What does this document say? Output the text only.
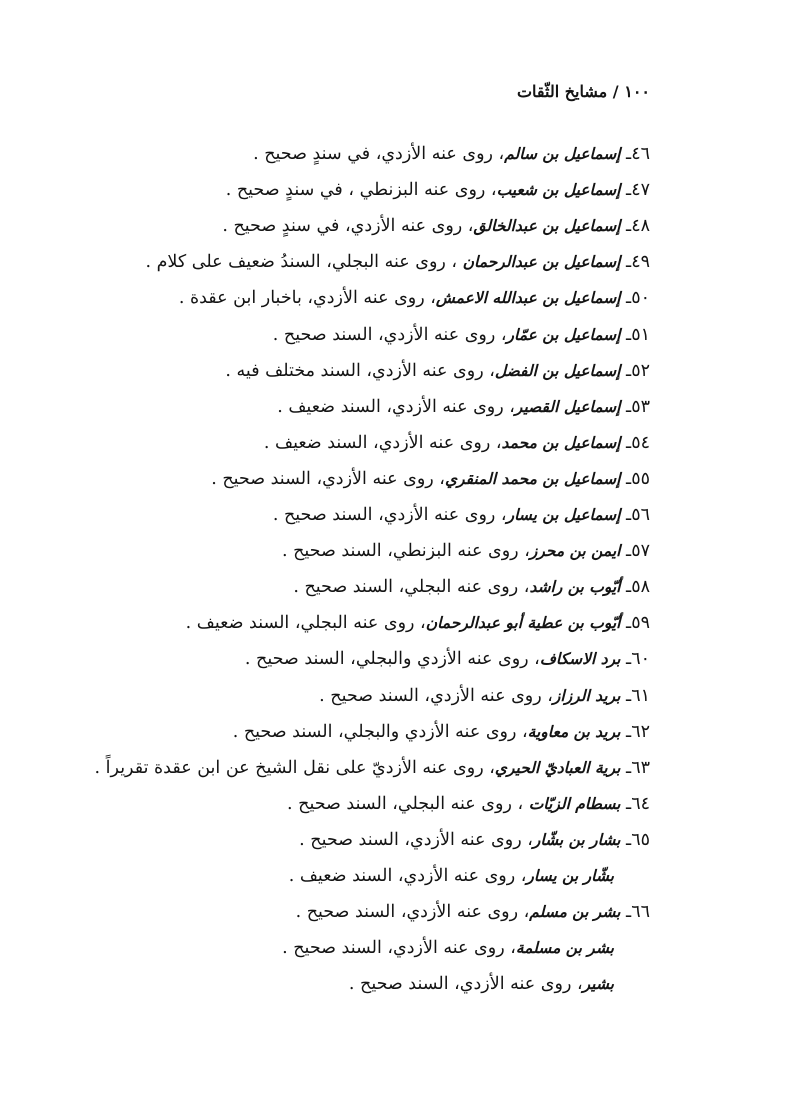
١٠٠ / مشايخ الثّقات
٤٦ـ إسماعيل بن سالم، روى عنه الأزدي، في سندٍ صحيح .
٤٧ـ إسماعيل بن شعيب، روى عنه البزنطي ، في سندٍ صحيح .
٤٨ـ إسماعيل بن عبدالخالق، روى عنه الأزدي، في سندٍ صحيح .
٤٩ـ إسماعيل بن عبدالرحمان ، روى عنه البجلي، السندُ ضعيف على كلام .
٥٠ـ إسماعيل بن عبدالله الاعمش، روى عنه الأزدي، باخبار ابن عقدة .
٥١ـ إسماعيل بن عمّار، روى عنه الأزدي، السند صحيح .
٥٢ـ إسماعيل بن الفضل، روى عنه الأزدي، السند مختلف فيه .
٥٣ـ إسماعيل القصير، روى عنه الأزدي، السند ضعيف .
٥٤ـ إسماعيل بن محمد، روى عنه الأزدي، السند ضعيف .
٥٥ـ إسماعيل بن محمد المنقري، روى عنه الأزدي، السند صحيح .
٥٦ـ إسماعيل بن يسار، روى عنه الأزدي، السند صحيح .
٥٧ـ ايمن بن محرز، روى عنه البزنطي، السند صحيح .
٥٨ـ أيّوب بن راشد، روى عنه البجلي، السند صحيح .
٥٩ـ أيّوب بن عطية أبو عبدالرحمان، روى عنه البجلي، السند ضعيف .
٦٠ـ برد الاسكاف، روى عنه الأزدي والبجلي، السند صحيح .
٦١ـ بريد الرزاز، روى عنه الأزدي، السند صحيح .
٦٢ـ بريد بن معاوية، روى عنه الأزدي والبجلي، السند صحيح .
٦٣ـ برية العباديّ الحيري، روى عنه الأزديّ على نقل الشيخ عن ابن عقدة تقريراً .
٦٤ـ بسطام الزيّات ، روى عنه البجلي، السند صحيح .
٦٥ـ بشار بن بشّار، روى عنه الأزدي، السند صحيح .
بشّار بن يسار، روى عنه الأزدي، السند ضعيف .
٦٦ـ بشر بن مسلم، روى عنه الأزدي، السند صحيح .
بشر بن مسلمة، روى عنه الأزدي، السند صحيح .
بشير، روى عنه الأزدي، السند صحيح .
